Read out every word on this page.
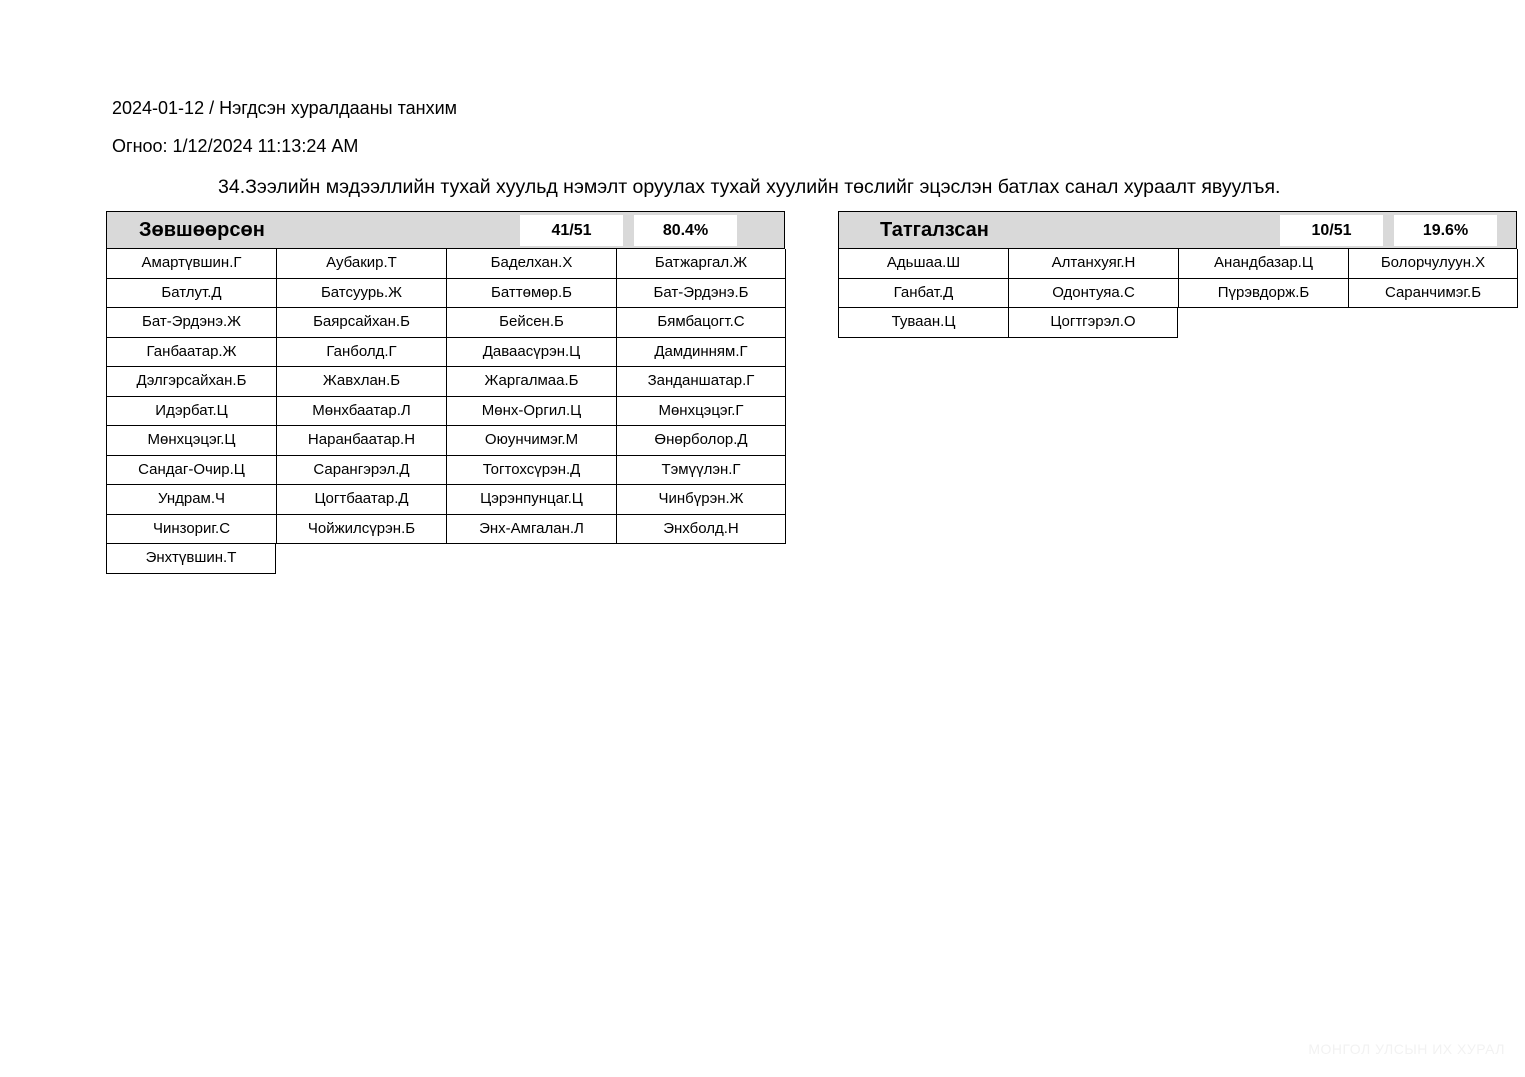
2024-01-12 / Нэгдсэн хуралдааны танхим
Огноо: 1/12/2024 11:13:24 AM
34.Зээлийн мэдээллийн тухай хуульд нэмэлт оруулах тухай хуулийн төслийг эцэслэн батлах санал хураалт явуулъя.
Зөвшөөрсөн	41/51	80.4%
Амартүвшин.Г	Аубакир.Т	Баделхан.Х	Батжаргал.Ж
Батлут.Д	Батсуурь.Ж	Баттөмөр.Б	Бат-Эрдэнэ.Б
Бат-Эрдэнэ.Ж	Баярсайхан.Б	Бейсен.Б	Бямбацогт.С
Ганбаатар.Ж	Ганболд.Г	Даваасүрэн.Ц	Дамдинням.Г
Дэлгэрсайхан.Б	Жавхлан.Б	Жаргалмаа.Б	Занданшатар.Г
Идэрбат.Ц	Мөнхбаатар.Л	Мөнх-Оргил.Ц	Мөнхцэцэг.Г
Мөнхцэцэг.Ц	Наранбаатар.Н	Оюунчимэг.М	Өнөрболор.Д
Сандаг-Очир.Ц	Сарангэрэл.Д	Тогтохсүрэн.Д	Тэмүүлэн.Г
Ундрам.Ч	Цогтбаатар.Д	Цэрэнпунцаг.Ц	Чинбүрэн.Ж
Чинзориг.С	Чойжилсүрэн.Б	Энх-Амгалан.Л	Энхболд.Н
Энхтүвшин.Т
Татгалзсан	10/51	19.6%
Адьшаа.Ш	Алтанхуяг.Н	Анандбазар.Ц	Болорчулуун.Х
Ганбат.Д	Одонтуяа.С	Пүрэвдорж.Б	Саранчимэг.Б
Туваан.Ц	Цогтгэрэл.О
МОНГОЛ УЛСЫН ИХ ХУРАЛ
